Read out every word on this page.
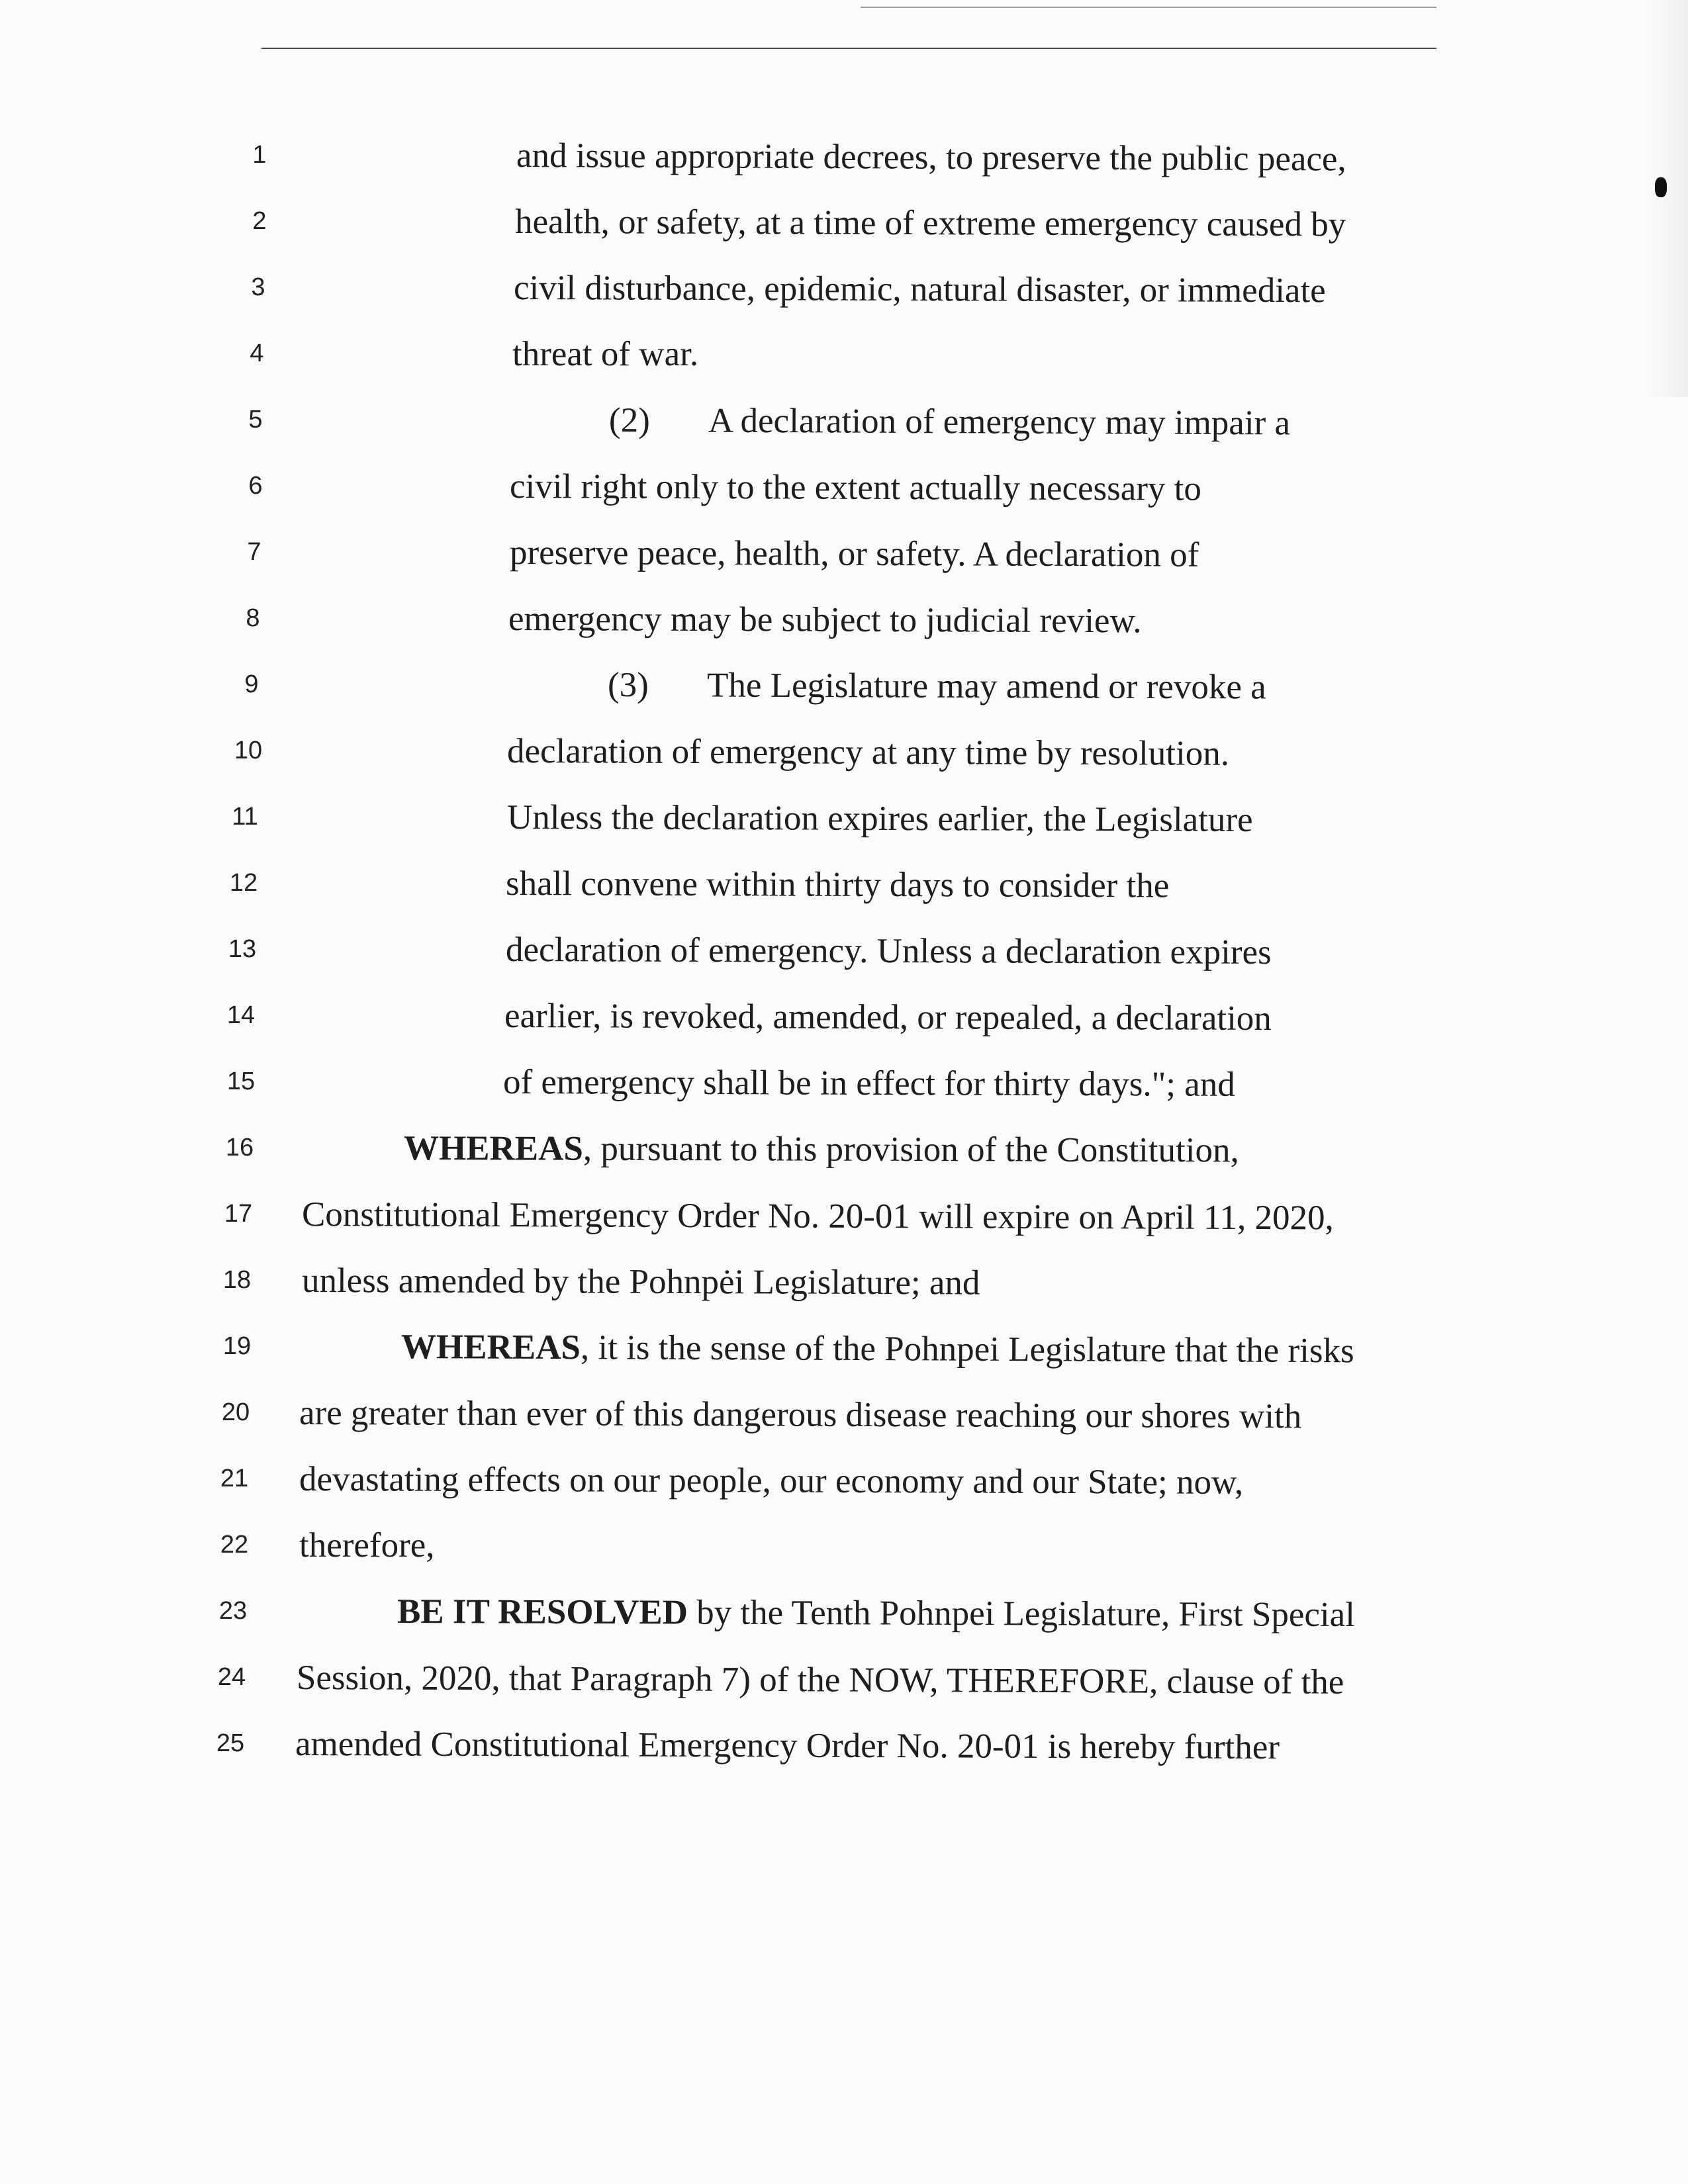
1	and issue appropriate decrees, to preserve the public peace,
2	health, or safety, at a time of extreme emergency caused by
3	civil disturbance, epidemic, natural disaster, or immediate
4	threat of war.
5	(2) A declaration of emergency may impair a
6	civil right only to the extent actually necessary to
7	preserve peace, health, or safety. A declaration of
8	emergency may be subject to judicial review.
9	(3) The Legislature may amend or revoke a
10	declaration of emergency at any time by resolution.
11	Unless the declaration expires earlier, the Legislature
12	shall convene within thirty days to consider the
13	declaration of emergency. Unless a declaration expires
14	earlier, is revoked, amended, or repealed, a declaration
15	of emergency shall be in effect for thirty days."; and
16	WHEREAS, pursuant to this provision of the Constitution,
17 Constitutional Emergency Order No. 20-01 will expire on April 11, 2020,
18 unless amended by the Pohnpėi Legislature; and
19	WHEREAS, it is the sense of the Pohnpei Legislature that the risks
20 are greater than ever of this dangerous disease reaching our shores with
21 devastating effects on our people, our economy and our State; now,
22 therefore,
23	BE IT RESOLVED by the Tenth Pohnpei Legislature, First Special
24 Session, 2020, that Paragraph 7) of the NOW, THEREFORE, clause of the
25 amended Constitutional Emergency Order No. 20-01 is hereby further
